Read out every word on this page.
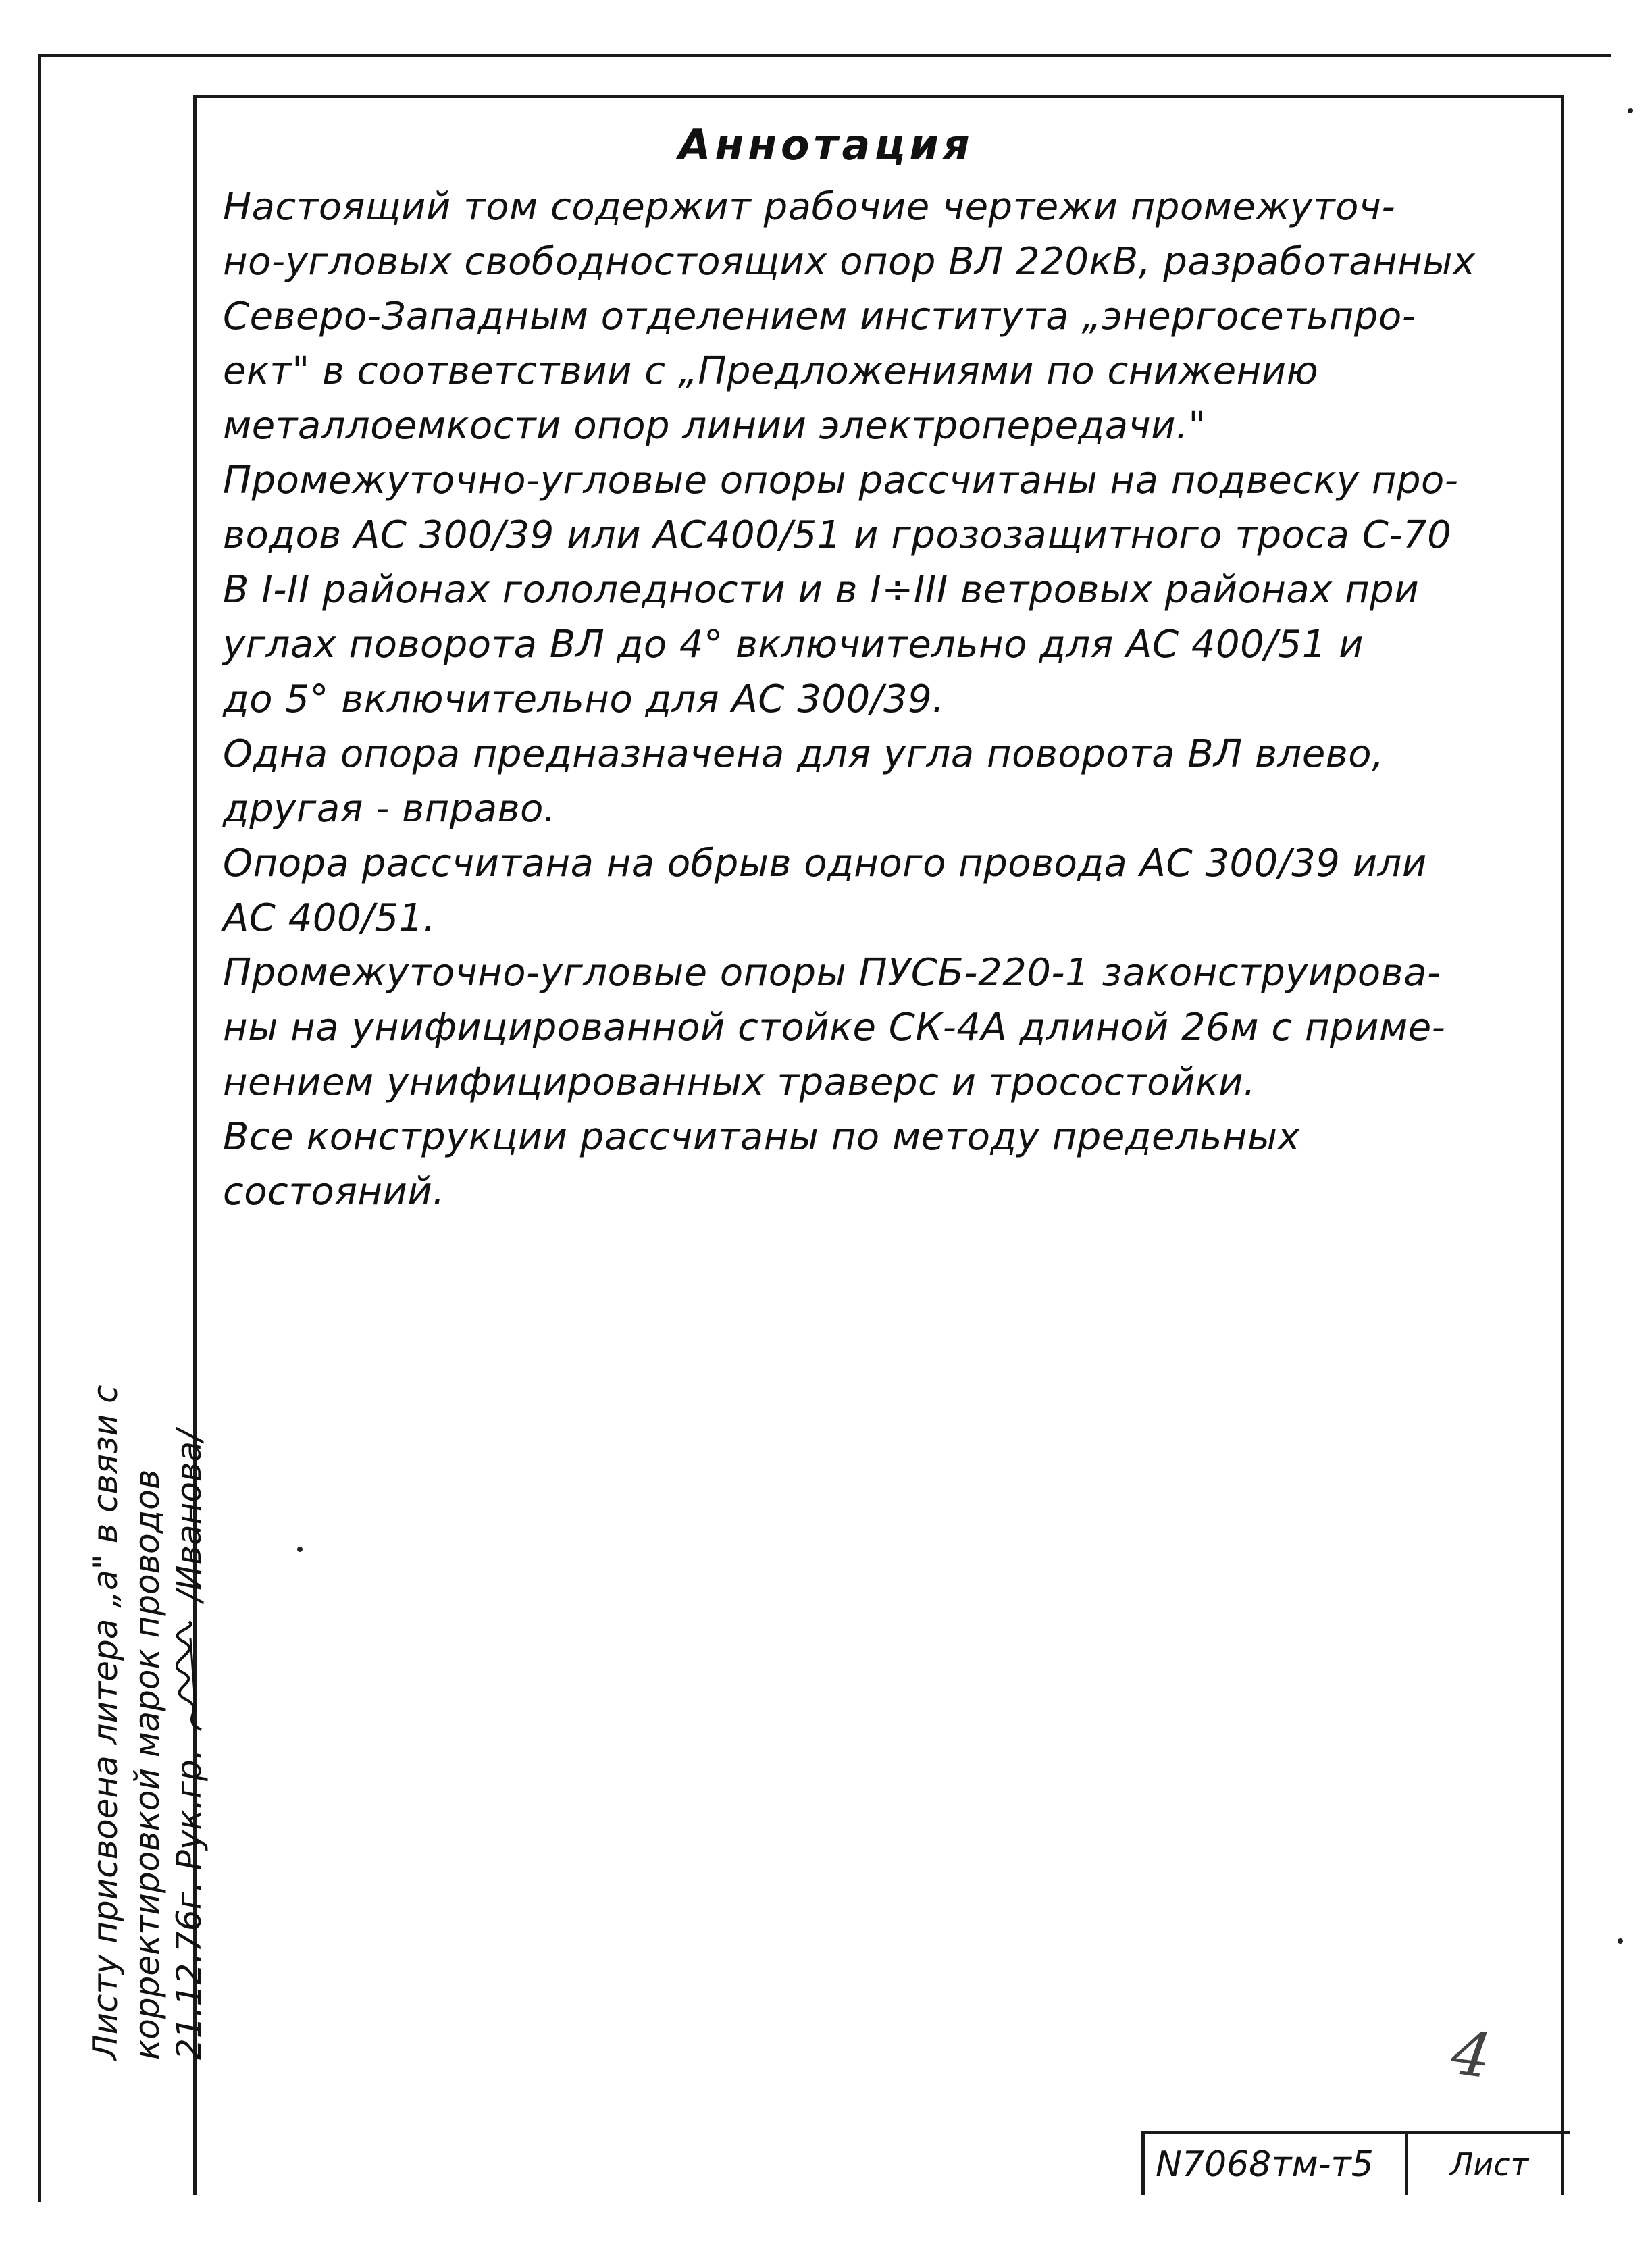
Аннотация
Настоящий том содержит рабочие чертежи промежуточ-
но-угловых свободностоящих опор ВЛ 220кВ, разработанных
Северо-Западным отделением института „энергосетьпро-
ект" в соответствии с „Предложениями по снижению
металлоемкости опор линии электропередачи."
Промежуточно-угловые опоры рассчитаны на подвеску про-
водов АС 300/39 или АС400/51 и грозозащитного троса С-70
В I-II районах гололедности и в I÷III ветровых районах при
углах поворота ВЛ до 4° включительно для АС 400/51 и
до 5° включительно для АС 300/39.
Одна опора предназначена для угла поворота ВЛ влево,
другая - вправо.
Опора рассчитана на обрыв одного провода АС 300/39 или
АС 400/51.
Промежуточно-угловые опоры ПУСБ-220-1 законструирова-
ны на унифицированной стойке СК-4А длиной 26м с приме-
нением унифицированных траверс и тросостойки.
Все конструкции рассчитаны по методу предельных
состояний.
Листу присвоена литера „а" в связи с корректировкой марок проводов 21.12.76г. Рук.гр.  /Иванова/
4
N7068тм-т5	Лист
